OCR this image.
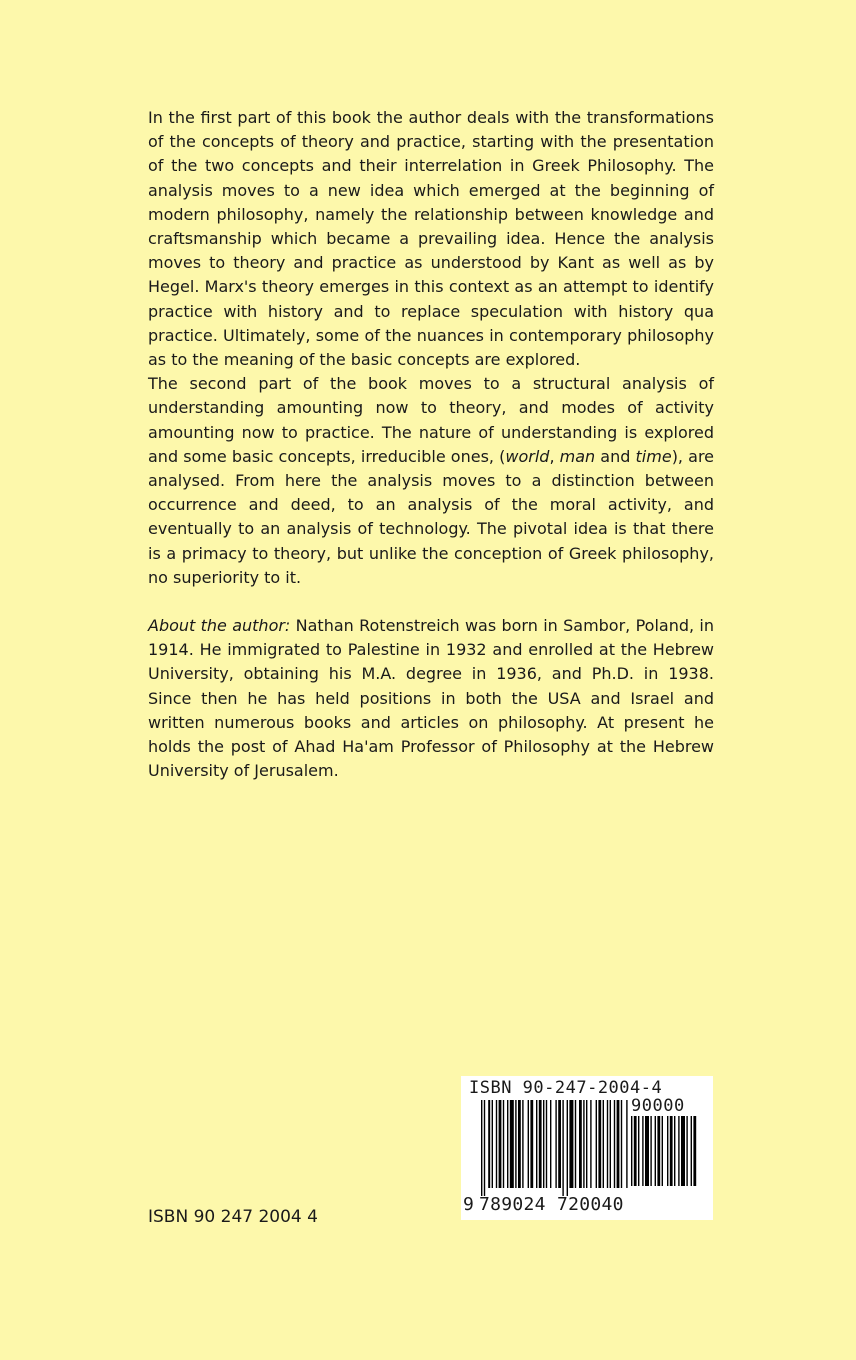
In the first part of this book the author deals with the transformations of the concepts of theory and practice, starting with the presentation of the two concepts and their interrelation in Greek Philosophy. The analysis moves to a new idea which emerged at the beginning of modern philosophy, namely the relationship between knowledge and craftsmanship which became a prevailing idea. Hence the analysis moves to theory and practice as understood by Kant as well as by Hegel. Marx's theory emerges in this context as an attempt to identify practice with history and to replace speculation with history qua practice. Ultimately, some of the nuances in contemporary philosophy as to the meaning of the basic concepts are explored.

The second part of the book moves to a structural analysis of understanding amounting now to theory, and modes of activity amounting now to practice. The nature of understanding is explored and some basic concepts, irreducible ones, (world, man and time), are analysed. From here the analysis moves to a distinction between occurrence and deed, to an analysis of the moral activity, and eventually to an analysis of technology. The pivotal idea is that there is a primacy to theory, but unlike the conception of Greek philosophy, no superiority to it.

About the author: Nathan Rotenstreich was born in Sambor, Poland, in 1914. He immigrated to Palestine in 1932 and enrolled at the Hebrew University, obtaining his M.A. degree in 1936, and Ph.D. in 1938. Since then he has held positions in both the USA and Israel and written numerous books and articles on philosophy. At present he holds the post of Ahad Ha'am Professor of Philosophy at the Hebrew University of Jerusalem.

ISBN 90-247-2004-4
90000
9 789024 720040
ISBN 90 247 2004 4
